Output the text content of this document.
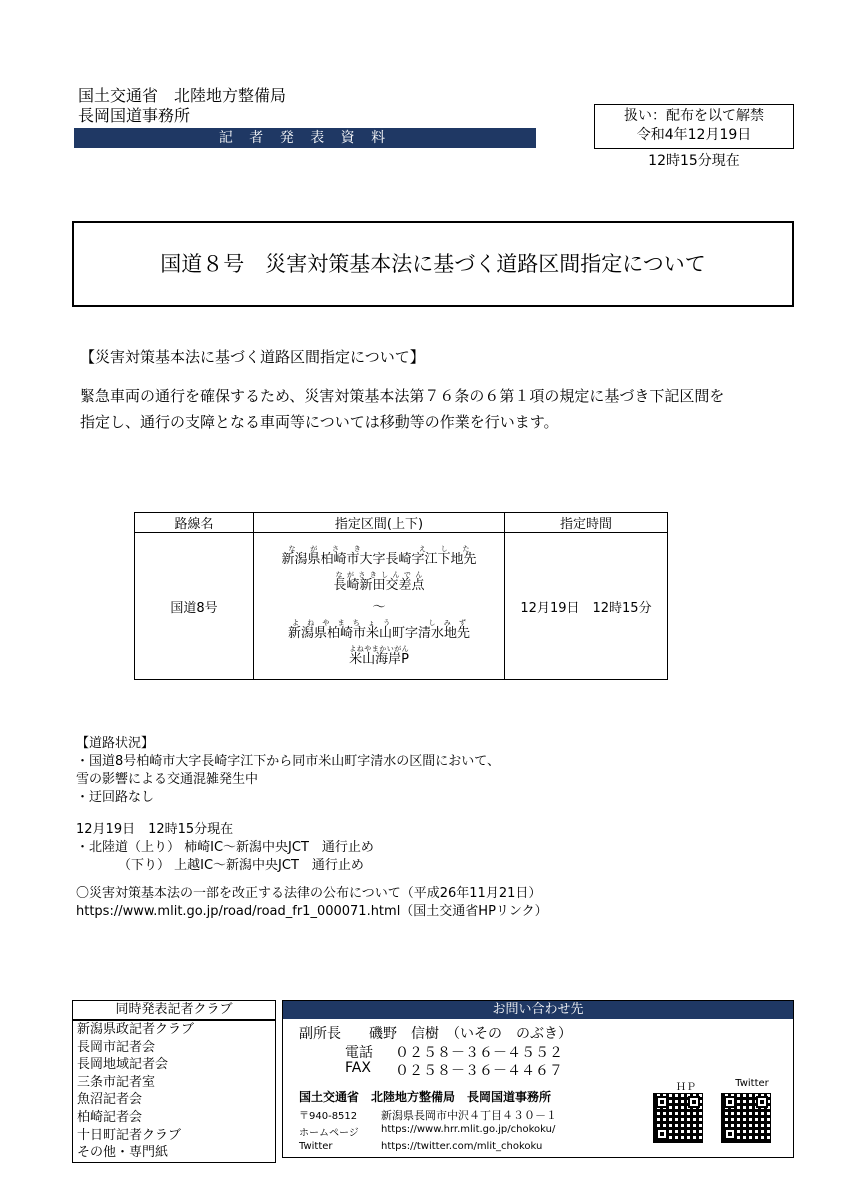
国土交通省　北陸地方整備局
長岡国道事務所
記 者 発 表 資 料
扱い：配布を以て解禁
令和4年12月19日
12時15分現在
国道８号　災害対策基本法に基づく道路区間指定について
【災害対策基本法に基づく道路区間指定について】
緊急車両の通行を確保するため、災害対策基本法第７６条の６第１項の規定に基づき下記区間を
指定し、通行の支障となる車両等については移動等の作業を行います。
路線名	指定区間(上下)	指定時間
国道8号	新潟県柏崎市大字長崎字江下地先ながさき　　 えした
長崎新田交差点ながさきしんでん
～
新潟県柏崎市米山町字清水地先よねやまちょう　　 しみず
米山海岸Pよねやまかいがん	12月19日　12時15分
【道路状況】
・国道8号柏崎市大字長崎字江下から同市米山町字清水の区間において、
雪の影響による交通混雑発生中
・迂回路なし
12月19日　12時15分現在
・北陸道（上り） 柿崎IC～新潟中央JCT　通行止め
（下り） 上越IC～新潟中央JCT　通行止め
〇災害対策基本法の一部を改正する法律の公布について（平成26年11月21日）
https://www.mlit.go.jp/road/road_fr1_000071.html（国土交通省HPリンク）
同時発表記者クラブ
新潟県政記者クラブ
長岡市記者会
長岡地域記者会
三条市記者室
魚沼記者会
柏崎記者会
十日町記者クラブ
その他・専門紙
お問い合わせ先
副所長　　磯野　信樹　（いその　のぶき）
電話 ０２５８－３６－４５５２
FAX ０２５８－３６－４４６７
国土交通省　北陸地方整備局　長岡国道事務所
〒940-8512 新潟県長岡市中沢４丁目４３０－１
ホームページ https://www.hrr.mlit.go.jp/chokoku/
Twitter	https://twitter.com/mlit_chokoku
ＨＰ	Twitter
